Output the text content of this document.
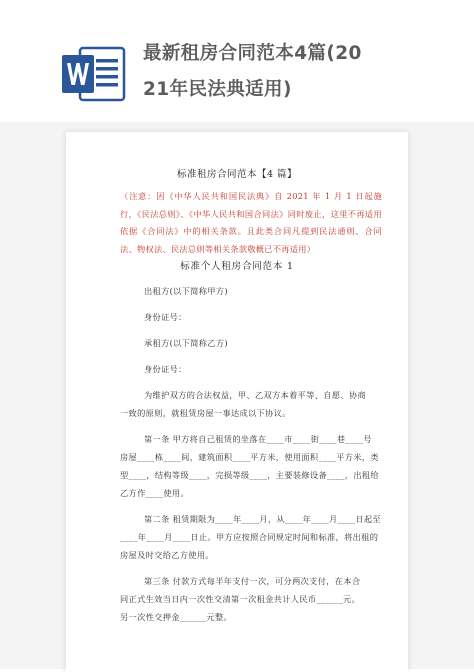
最新租房合同范本4篇(20
21年民法典适用)
标准租房合同范本【4 篇】
（注意：因《中华人民共和国民法典》自 2021 年 1 月 1 日起施行，《民法总则》、《中华人民共和国合同法》同时废止，这里不再适用依据《合同法》中的相关条款。且此类合同凡提到民法通则、合同法、物权法、民法总则等相关条款敬概已不再适用）
标准个人租房合同范本 1
出租方(以下简称甲方)
身份证号：
承租方(以下简称乙方)
身份证号：
为维护双方的合法权益，甲、乙双方本着平等、自愿、协商
一致的原则，就租赁房屋一事达成以下协议。
第一条 甲方将自己租赁的坐落在____市____街____巷____号
房屋____栋____间，建筑面积____平方米，使用面积____平方米，类
型____，结构等级____，完损等级____，主要装修设备____，出租给
乙方作____使用。
第二条 租赁期限为____年____月，从____年____月____日起至
____年____月____日止。甲方应按照合同规定时间和标准，将出租的
房屋及时交给乙方使用。
第三条 付款方式每半年支付一次，可分两次支付，在本合
同正式生效当日内一次性交清第一次租金共计人民币______元。
另一次性交押金______元整。
